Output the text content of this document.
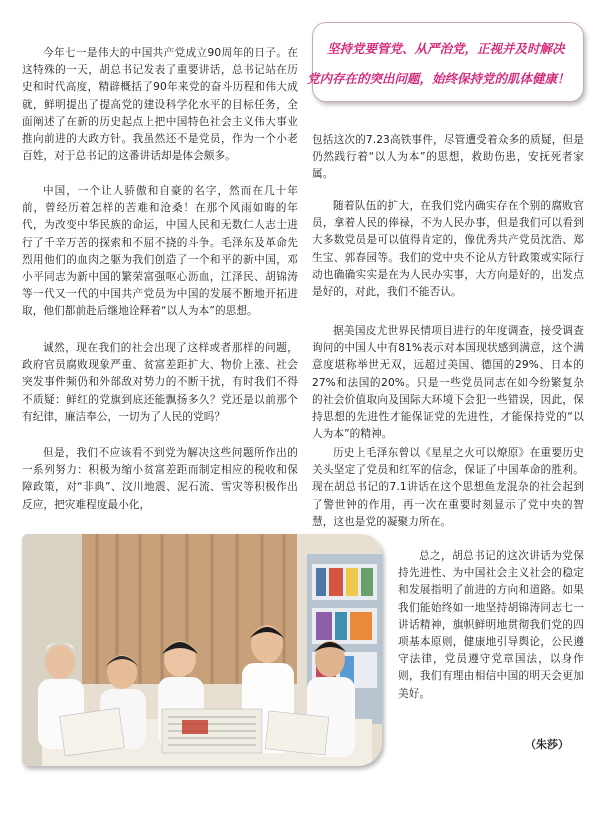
坚持党要管党、从严治党，正视并及时解决
党内存在的突出问题，始终保持党的肌体健康！

今年七一是伟大的中国共产党成立90周年的日子。在这特殊的一天，胡总书记发表了重要讲话，总书记站在历史和时代高度，精辟概括了90年来党的奋斗历程和伟大成就，鲜明提出了提高党的建设科学化水平的目标任务，全面阐述了在新的历史起点上把中国特色社会主义伟大事业推向前进的大政方针。我虽然还不是党员，作为一个小老百姓，对于总书记的这番讲话却是体会颇多。

中国，一个让人骄傲和自豪的名字，然而在几十年前，曾经历着怎样的苦难和沧桑！在那个风雨如晦的年代，为改变中华民族的命运，中国人民和无数仁人志士进行了千辛万苦的探索和不屈不挠的斗争。毛泽东及革命先烈用他们的血肉之躯为我们创造了一个和平的新中国，邓小平同志为新中国的繁荣富强呕心沥血，江泽民、胡锦涛等一代又一代的中国共产党员为中国的发展不断地开拓进取，他们都前赴后继地诠释着“以人为本”的思想。

诚然，现在我们的社会出现了这样或者那样的问题，政府官员腐败现象严重、贫富差距扩大、物价上涨、社会突发事件频仍和外部敌对势力的不断干扰，有时我们不得不质疑：鲜红的党旗到底还能飘扬多久？党还是以前那个有纪律，廉洁奉公，一切为了人民的党吗？

但是，我们不应该看不到党为解决这些问题所作出的一系列努力：积极为缩小贫富差距而制定相应的税收和保障政策，对“非典”、汶川地震、泥石流、雪灾等积极作出反应，把灾难程度最小化，

包括这次的7.23高铁事件，尽管遭受着众多的质疑，但是仍然践行着“以人为本”的思想，救助伤患，安抚死者家属。

随着队伍的扩大，在我们党内确实存在个别的腐败官员，拿着人民的俸禄，不为人民办事，但是我们可以看到大多数党员是可以值得肯定的，像优秀共产党员沈浩、郑生宝、郭春园等。我们的党中央不论从方针政策或实际行动也确确实实是在为人民办实事，大方向是好的，出发点是好的，对此，我们不能否认。

据美国皮尤世界民情项目进行的年度调查，接受调查询问的中国人中有81%表示对本国现状感到满意，这个满意度堪称举世无双，远超过美国、德国的29%、日本的27%和法国的20%。只是一些党员同志在如今纷繁复杂的社会价值取向及国际大环境下会犯一些错误，因此，保持思想的先进性才能保证党的先进性，才能保持党的“以人为本”的精神。

历史上毛泽东曾以《星星之火可以燎原》在重要历史关头坚定了党员和红军的信念，保证了中国革命的胜利。现在胡总书记的7.1讲话在这个思想鱼龙混杂的社会起到了警世钟的作用，再一次在重要时刻显示了党中央的智慧，这也是党的凝聚力所在。

总之，胡总书记的这次讲话为党保持先进性、为中国社会主义社会的稳定和发展指明了前进的方向和道路。如果我们能始终如一地坚持胡锦涛同志七一讲话精神，旗帜鲜明地贯彻我们党的四项基本原则，健康地引导舆论，公民遵守法律，党员遵守党章国法，以身作则，我们有理由相信中国的明天会更加美好。

（朱莎）
